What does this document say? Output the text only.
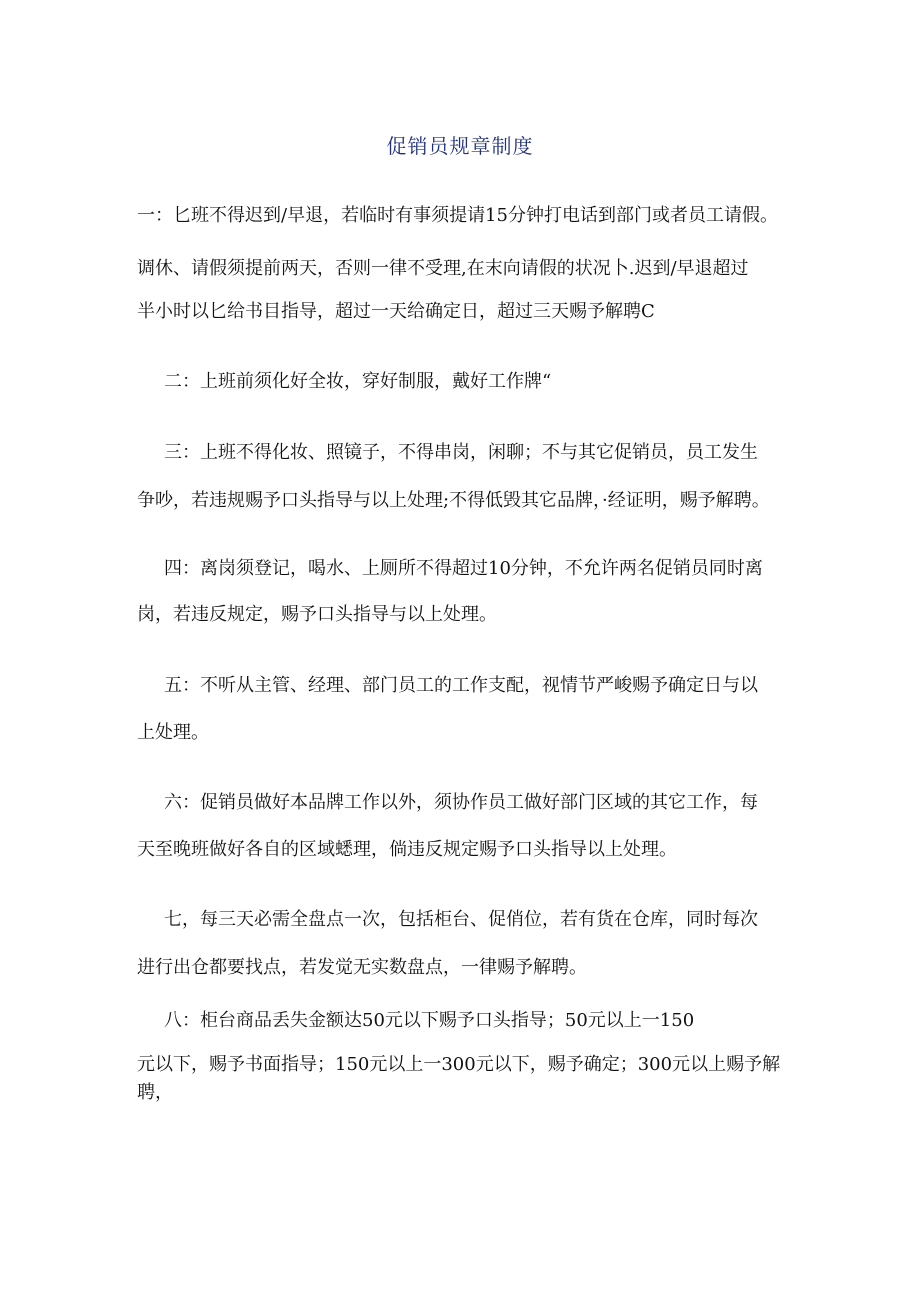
促销员规章制度
一：匕班不得迟到/早退，若临时有事须提请15分钟打电话到部门或者员工请假。
调休、请假须提前两天，否则一律不受理,在末向请假的状况卜.迟到/早退超过
半小时以匕给书目指导，超过一天给确定日，超过三天赐予解聘C
二：上班前须化好全妆，穿好制服，戴好工作牌“
三：上班不得化妆、照镜子，不得串岗，闲聊；不与其它促销员，员工发生
争吵，若违规赐予口头指导与以上处理;不得低毁其它品牌，·经证明，赐予解聘。
四：离岗须登记，喝水、上厕所不得超过10分钟，不允许两名促销员同时离
岗，若违反规定，赐予口头指导与以上处理。
五：不听从主管、经理、部门员工的工作支配，视情节严峻赐予确定日与以
上处理。
六：促销员做好本品牌工作以外，须协作员工做好部门区域的其它工作，每
天至晚班做好各自的区域蟋理，倘违反规定赐予口头指导以上处理。
七，每三天必需全盘点一次，包括柜台、促俏位，若有货在仓库，同时每次
进行出仓都要找点，若发觉无实数盘点，一律赐予解聘。
八：柜台商品丢失金额达50元以下赐予口头指导；50元以上一150
元以下，赐予书面指导；150元以上一300元以下，赐予确定；300元以上赐予解
聘，
